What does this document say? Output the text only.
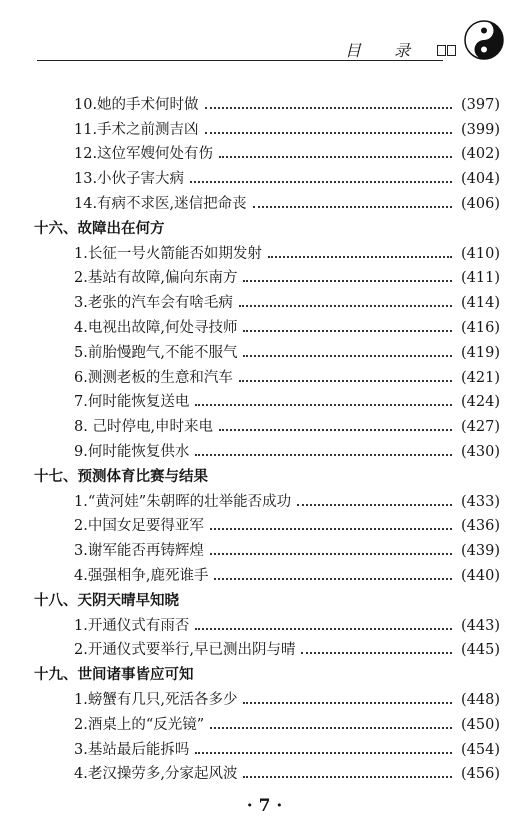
目 录
10.她的手术何时做	(397)
11.手术之前测吉凶	(399)
12.这位军嫂何处有伤	(402)
13.小伙子害大病	(404)
14.有病不求医,迷信把命丧	(406)
十六、故障出在何方
1.长征一号火箭能否如期发射	(410)
2.基站有故障,偏向东南方	(411)
3.老张的汽车会有啥毛病	(414)
4.电视出故障,何处寻技师	(416)
5.前胎慢跑气,不能不服气	(419)
6.测测老板的生意和汽车	(421)
7.何时能恢复送电	(424)
8. 己时停电,申时来电	(427)
9.何时能恢复供水	(430)
十七、预测体育比赛与结果
1.“黄河娃”朱朝晖的壮举能否成功	(433)
2.中国女足要得亚军	(436)
3.谢军能否再铸辉煌	(439)
4.强强相争,鹿死谁手	(440)
十八、天阴天晴早知晓
1.开通仪式有雨否	(443)
2.开通仪式要举行,早已测出阴与晴	(445)
十九、世间诸事皆应可知
1.螃蟹有几只,死活各多少	(448)
2.酒桌上的“反光镜”	(450)
3.基站最后能拆吗	(454)
4.老汉操劳多,分家起风波	(456)
· 7 ·
